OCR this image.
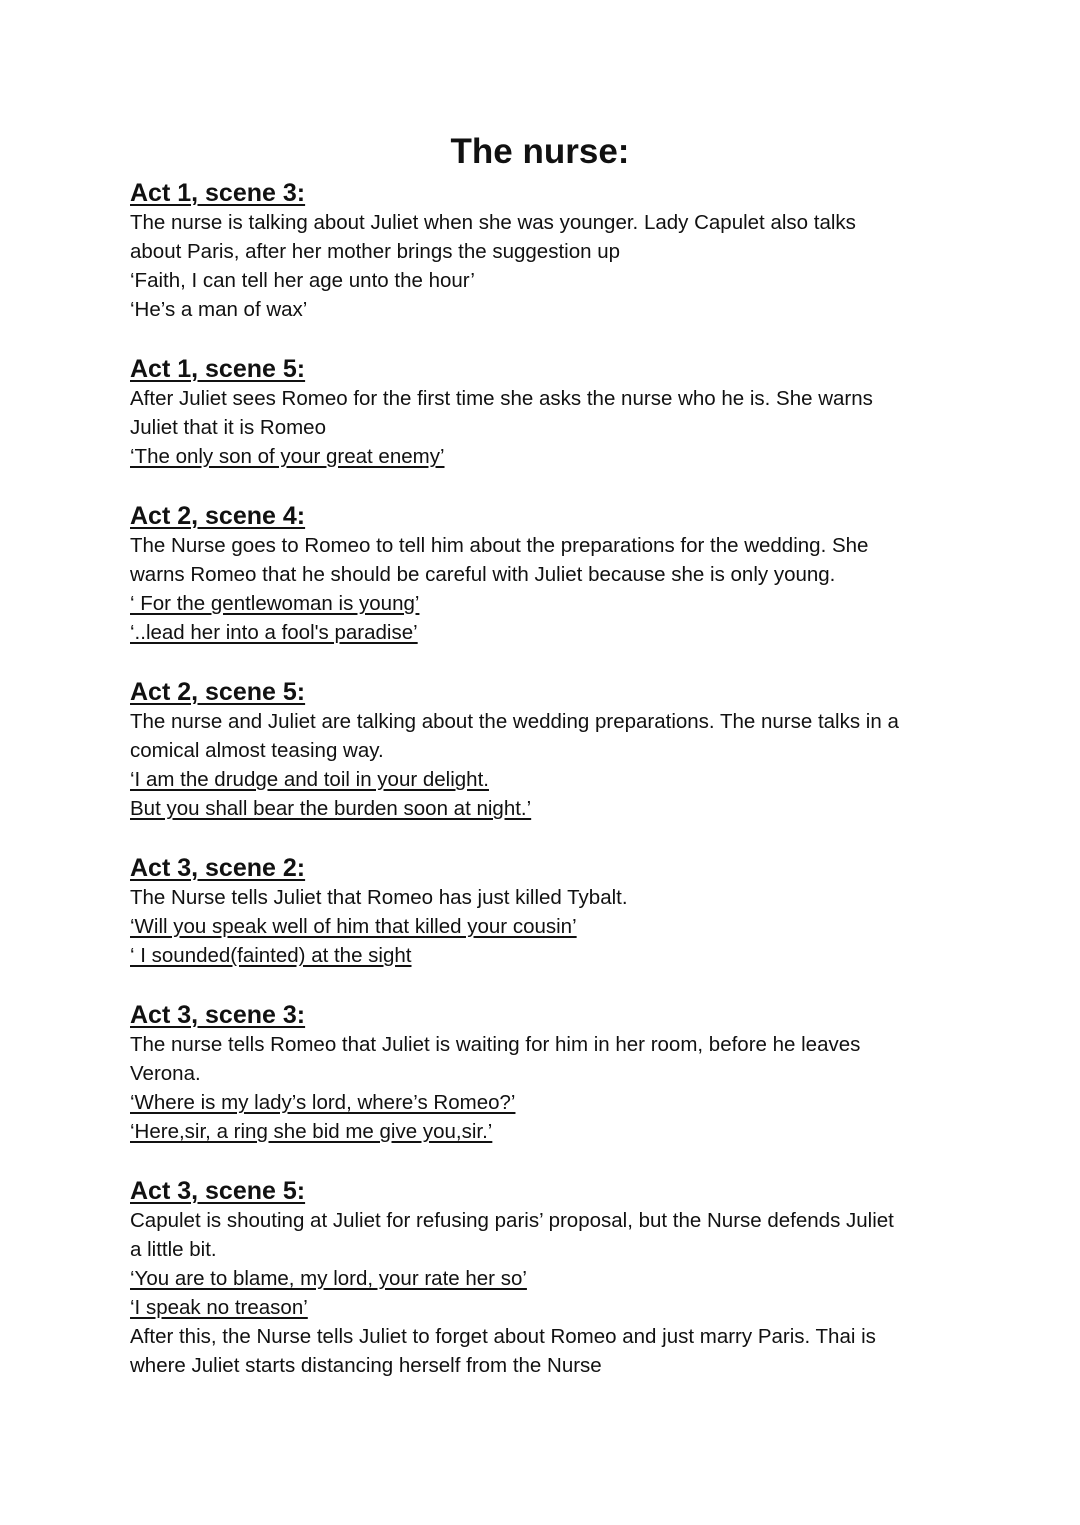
The nurse:

Act 1, scene 3:

The nurse is talking about Juliet when she was younger. Lady Capulet also talks

about Paris, after her mother brings the suggestion up

‘Faith, I can tell her age unto the hour’

‘He’s a man of wax’

Act 1, scene 5:

After Juliet sees Romeo for the first time she asks the nurse who he is. She warns

Juliet that it is Romeo

‘The only son of your great enemy’

Act 2, scene 4:

The Nurse goes to Romeo to tell him about the preparations for the wedding. She

warns Romeo that he should be careful with Juliet because she is only young.

‘ For the gentlewoman is young’

‘..lead her into a fool's paradise’

Act 2, scene 5:

The nurse and Juliet are talking about the wedding preparations. The nurse talks in a

comical almost teasing way.

‘I am the drudge and toil in your delight.

But you shall bear the burden soon at night.’

Act 3, scene 2:

The Nurse tells Juliet that Romeo has just killed Tybalt.

‘Will you speak well of him that killed your cousin’

‘ I sounded(fainted) at the sight

Act 3, scene 3:

The nurse tells Romeo that Juliet is waiting for him in her room, before he leaves

Verona.

‘Where is my lady’s lord, where’s Romeo?’

‘Here,sir, a ring she bid me give you,sir.’

Act 3, scene 5:

Capulet is shouting at Juliet for refusing paris’ proposal, but the Nurse defends Juliet

a little bit.

‘You are to blame, my lord, your rate her so’

‘I speak no treason’

After this, the Nurse tells Juliet to forget about Romeo and just marry Paris. Thai is

where Juliet starts distancing herself from the Nurse
